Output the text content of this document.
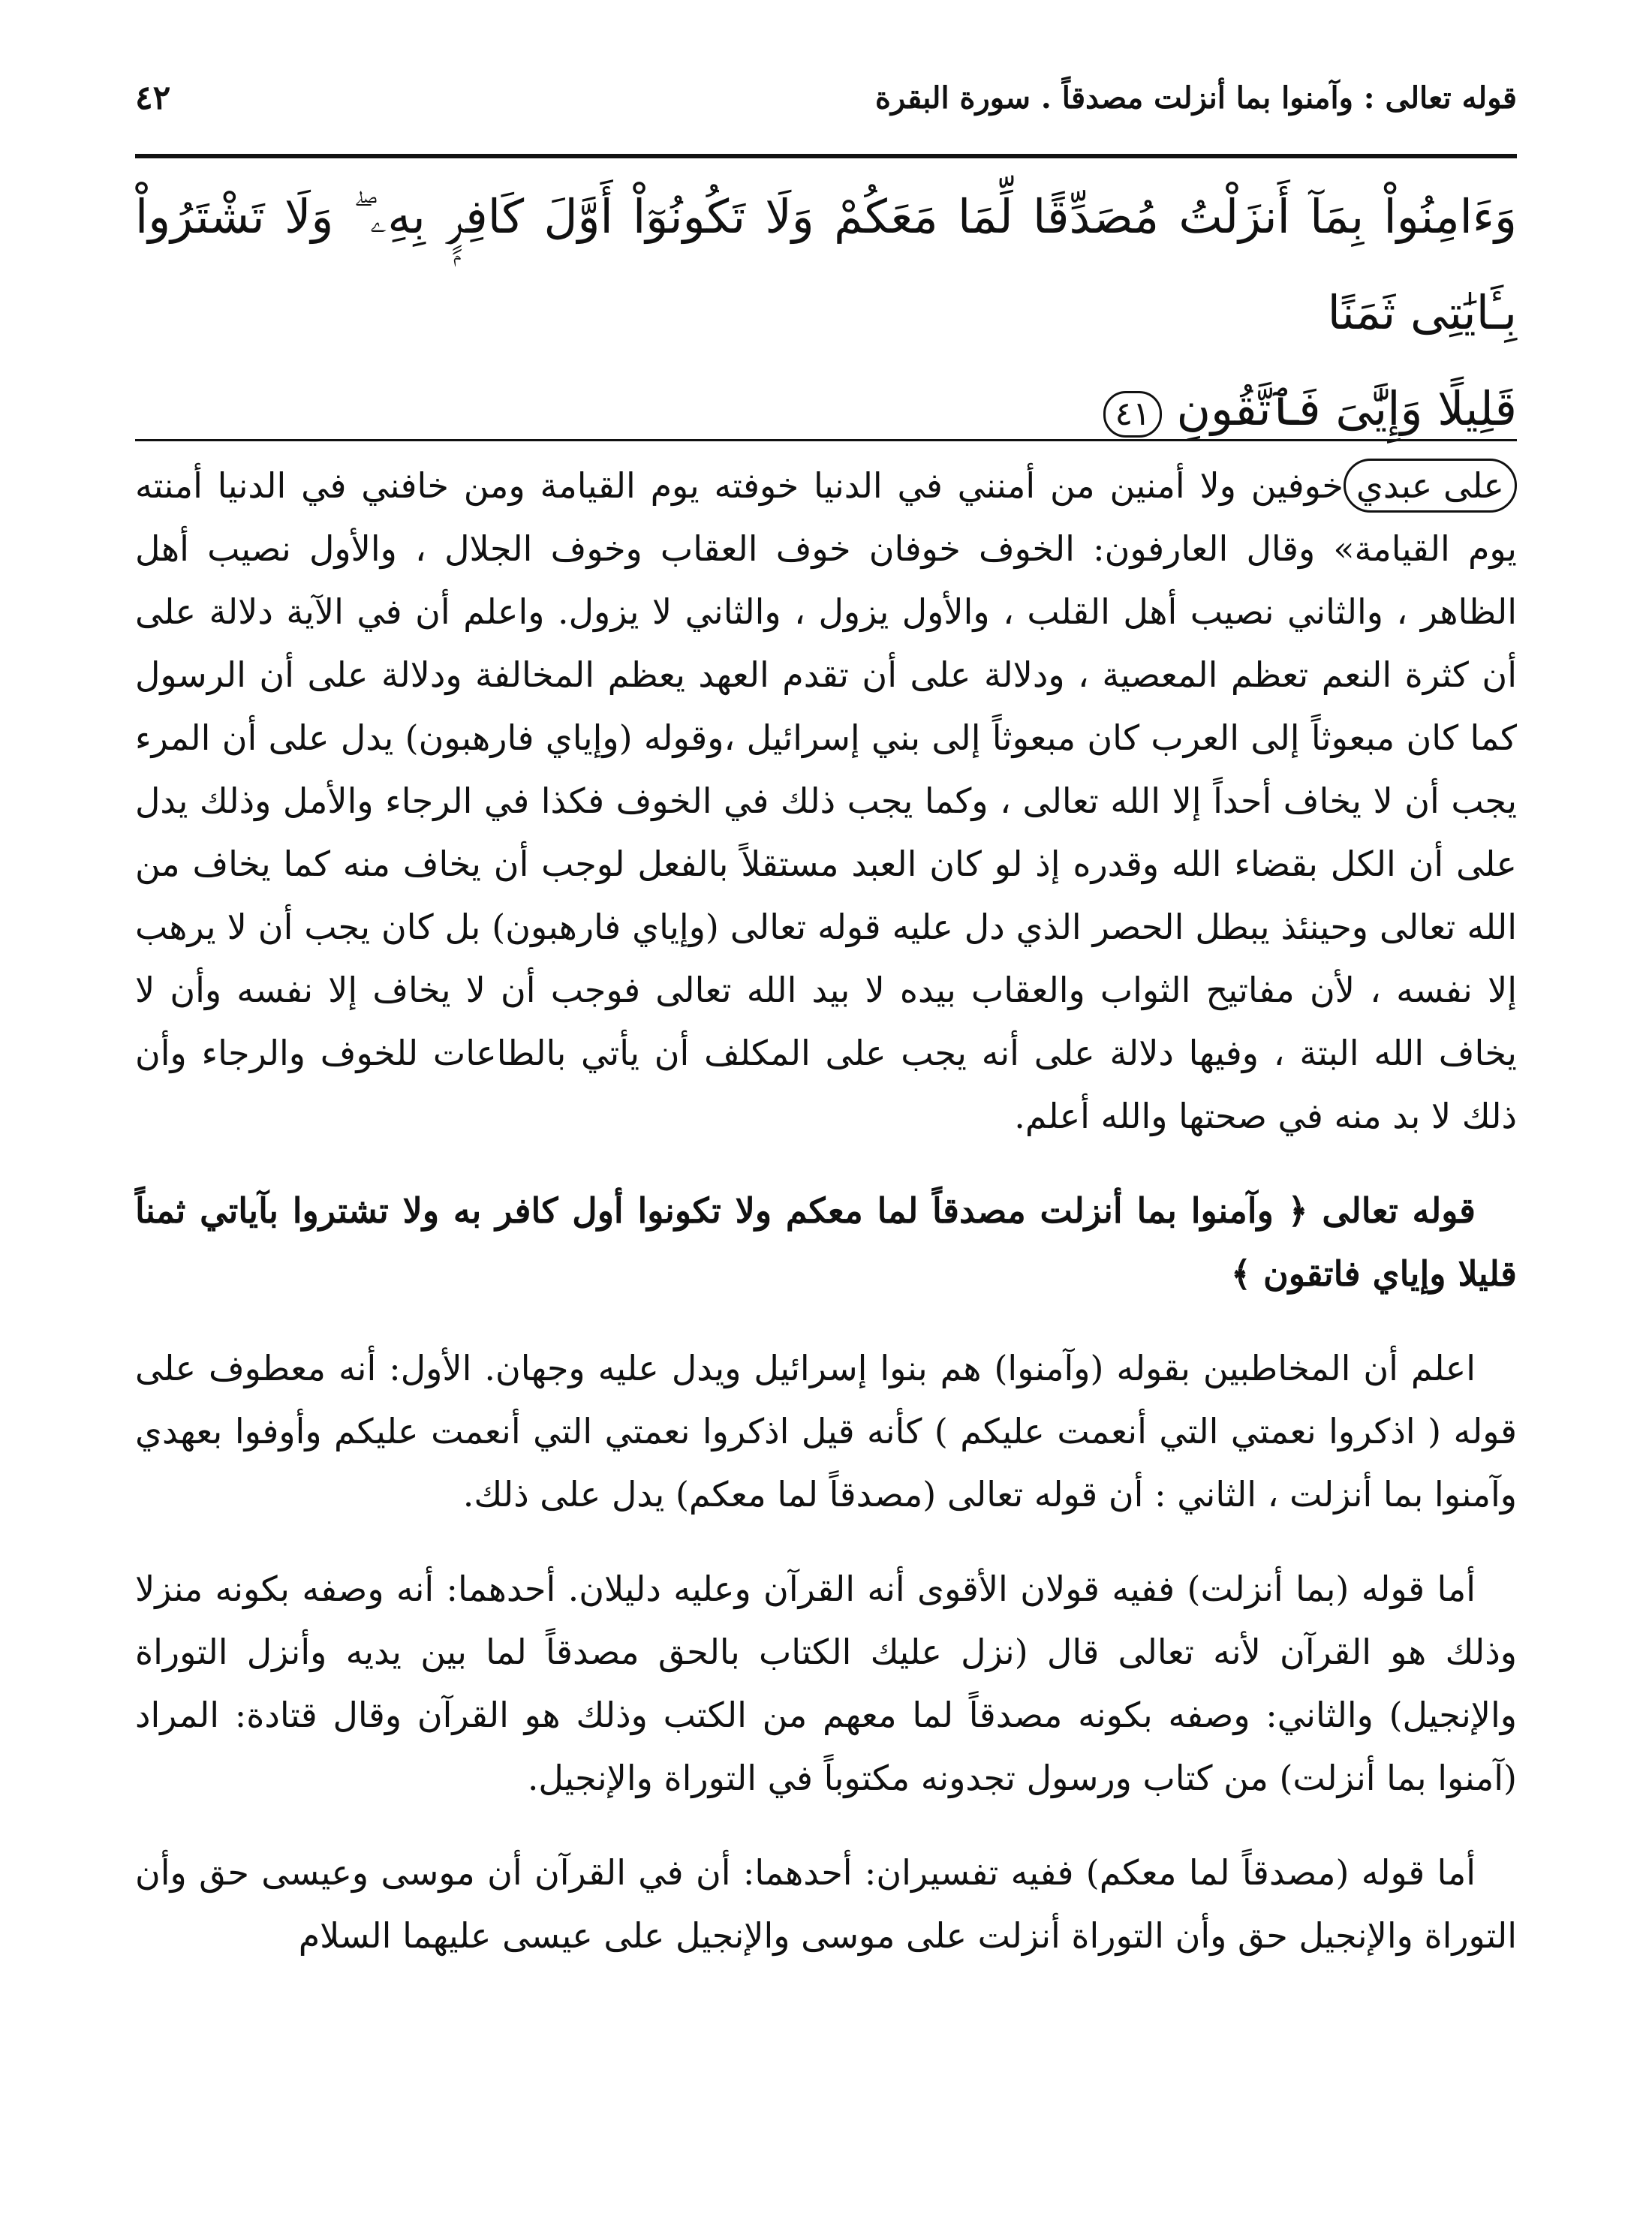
قوله تعالى : وآمنوا بما أنزلت مصدقاً . سورة البقرة
٤٢

وَءَامِنُواْ بِمَآ أَنزَلْتُ مُصَدِّقًا لِّمَا مَعَكُمْ وَلَا تَكُونُوٓاْ أَوَّلَ كَافِرٍۭ بِهِۦ ۖ وَلَا تَشْتَرُواْ بِـَٔايَٰتِى ثَمَنًا

قَلِيلًا وَإِيَّٰىَ فَٱتَّقُونِ ٤١

على عبديخوفين ولا أمنين من أمنني في الدنيا خوفته يوم القيامة ومن خافني في الدنيا أمنته يوم القيامة» وقال العارفون: الخوف خوفان خوف العقاب وخوف الجلال ، والأول نصيب أهل الظاهر ، والثاني نصيب أهل القلب ، والأول يزول ، والثاني لا يزول. واعلم أن في الآية دلالة على أن كثرة النعم تعظم المعصية ، ودلالة على أن تقدم العهد يعظم المخالفة ودلالة على أن الرسول كما كان مبعوثاً إلى العرب كان مبعوثاً إلى بني إسرائيل ،وقوله (وإياي فارهبون) يدل على أن المرء يجب أن لا يخاف أحداً إلا الله تعالى ، وكما يجب ذلك في الخوف فكذا في الرجاء والأمل وذلك يدل على أن الكل بقضاء الله وقدره إذ لو كان العبد مستقلاً بالفعل لوجب أن يخاف منه كما يخاف من الله تعالى وحينئذ يبطل الحصر الذي دل عليه قوله تعالى (وإياي فارهبون) بل كان يجب أن لا يرهب إلا نفسه ، لأن مفاتيح الثواب والعقاب بيده لا بيد الله تعالى فوجب أن لا يخاف إلا نفسه وأن لا يخاف الله البتة ، وفيها دلالة على أنه يجب على المكلف أن يأتي بالطاعات للخوف والرجاء وأن ذلك لا بد منه في صحتها والله أعلم.

قوله تعالى ﴿ وآمنوا بما أنزلت مصدقاً لما معكم ولا تكونوا أول كافر به ولا تشتروا بآياتي ثمناً قليلا وإياي فاتقون ﴾

اعلم أن المخاطبين بقوله (وآمنوا) هم بنوا إسرائيل ويدل عليه وجهان. الأول: أنه معطوف على قوله ( اذكروا نعمتي التي أنعمت عليكم ) كأنه قيل اذكروا نعمتي التي أنعمت عليكم وأوفوا بعهدي وآمنوا بما أنزلت ، الثاني : أن قوله تعالى (مصدقاً لما معكم) يدل على ذلك.

أما قوله (بما أنزلت) ففيه قولان الأقوى أنه القرآن وعليه دليلان. أحدهما: أنه وصفه بكونه منزلا وذلك هو القرآن لأنه تعالى قال (نزل عليك الكتاب بالحق مصدقاً لما بين يديه وأنزل التوراة والإنجيل) والثاني: وصفه بكونه مصدقاً لما معهم من الكتب وذلك هو القرآن وقال قتادة: المراد (آمنوا بما أنزلت) من كتاب ورسول تجدونه مكتوباً في التوراة والإنجيل.

أما قوله (مصدقاً لما معكم) ففيه تفسيران: أحدهما: أن في القرآن أن موسى وعيسى حق وأن التوراة والإنجيل حق وأن التوراة أنزلت على موسى والإنجيل على عيسى عليهما السلام
